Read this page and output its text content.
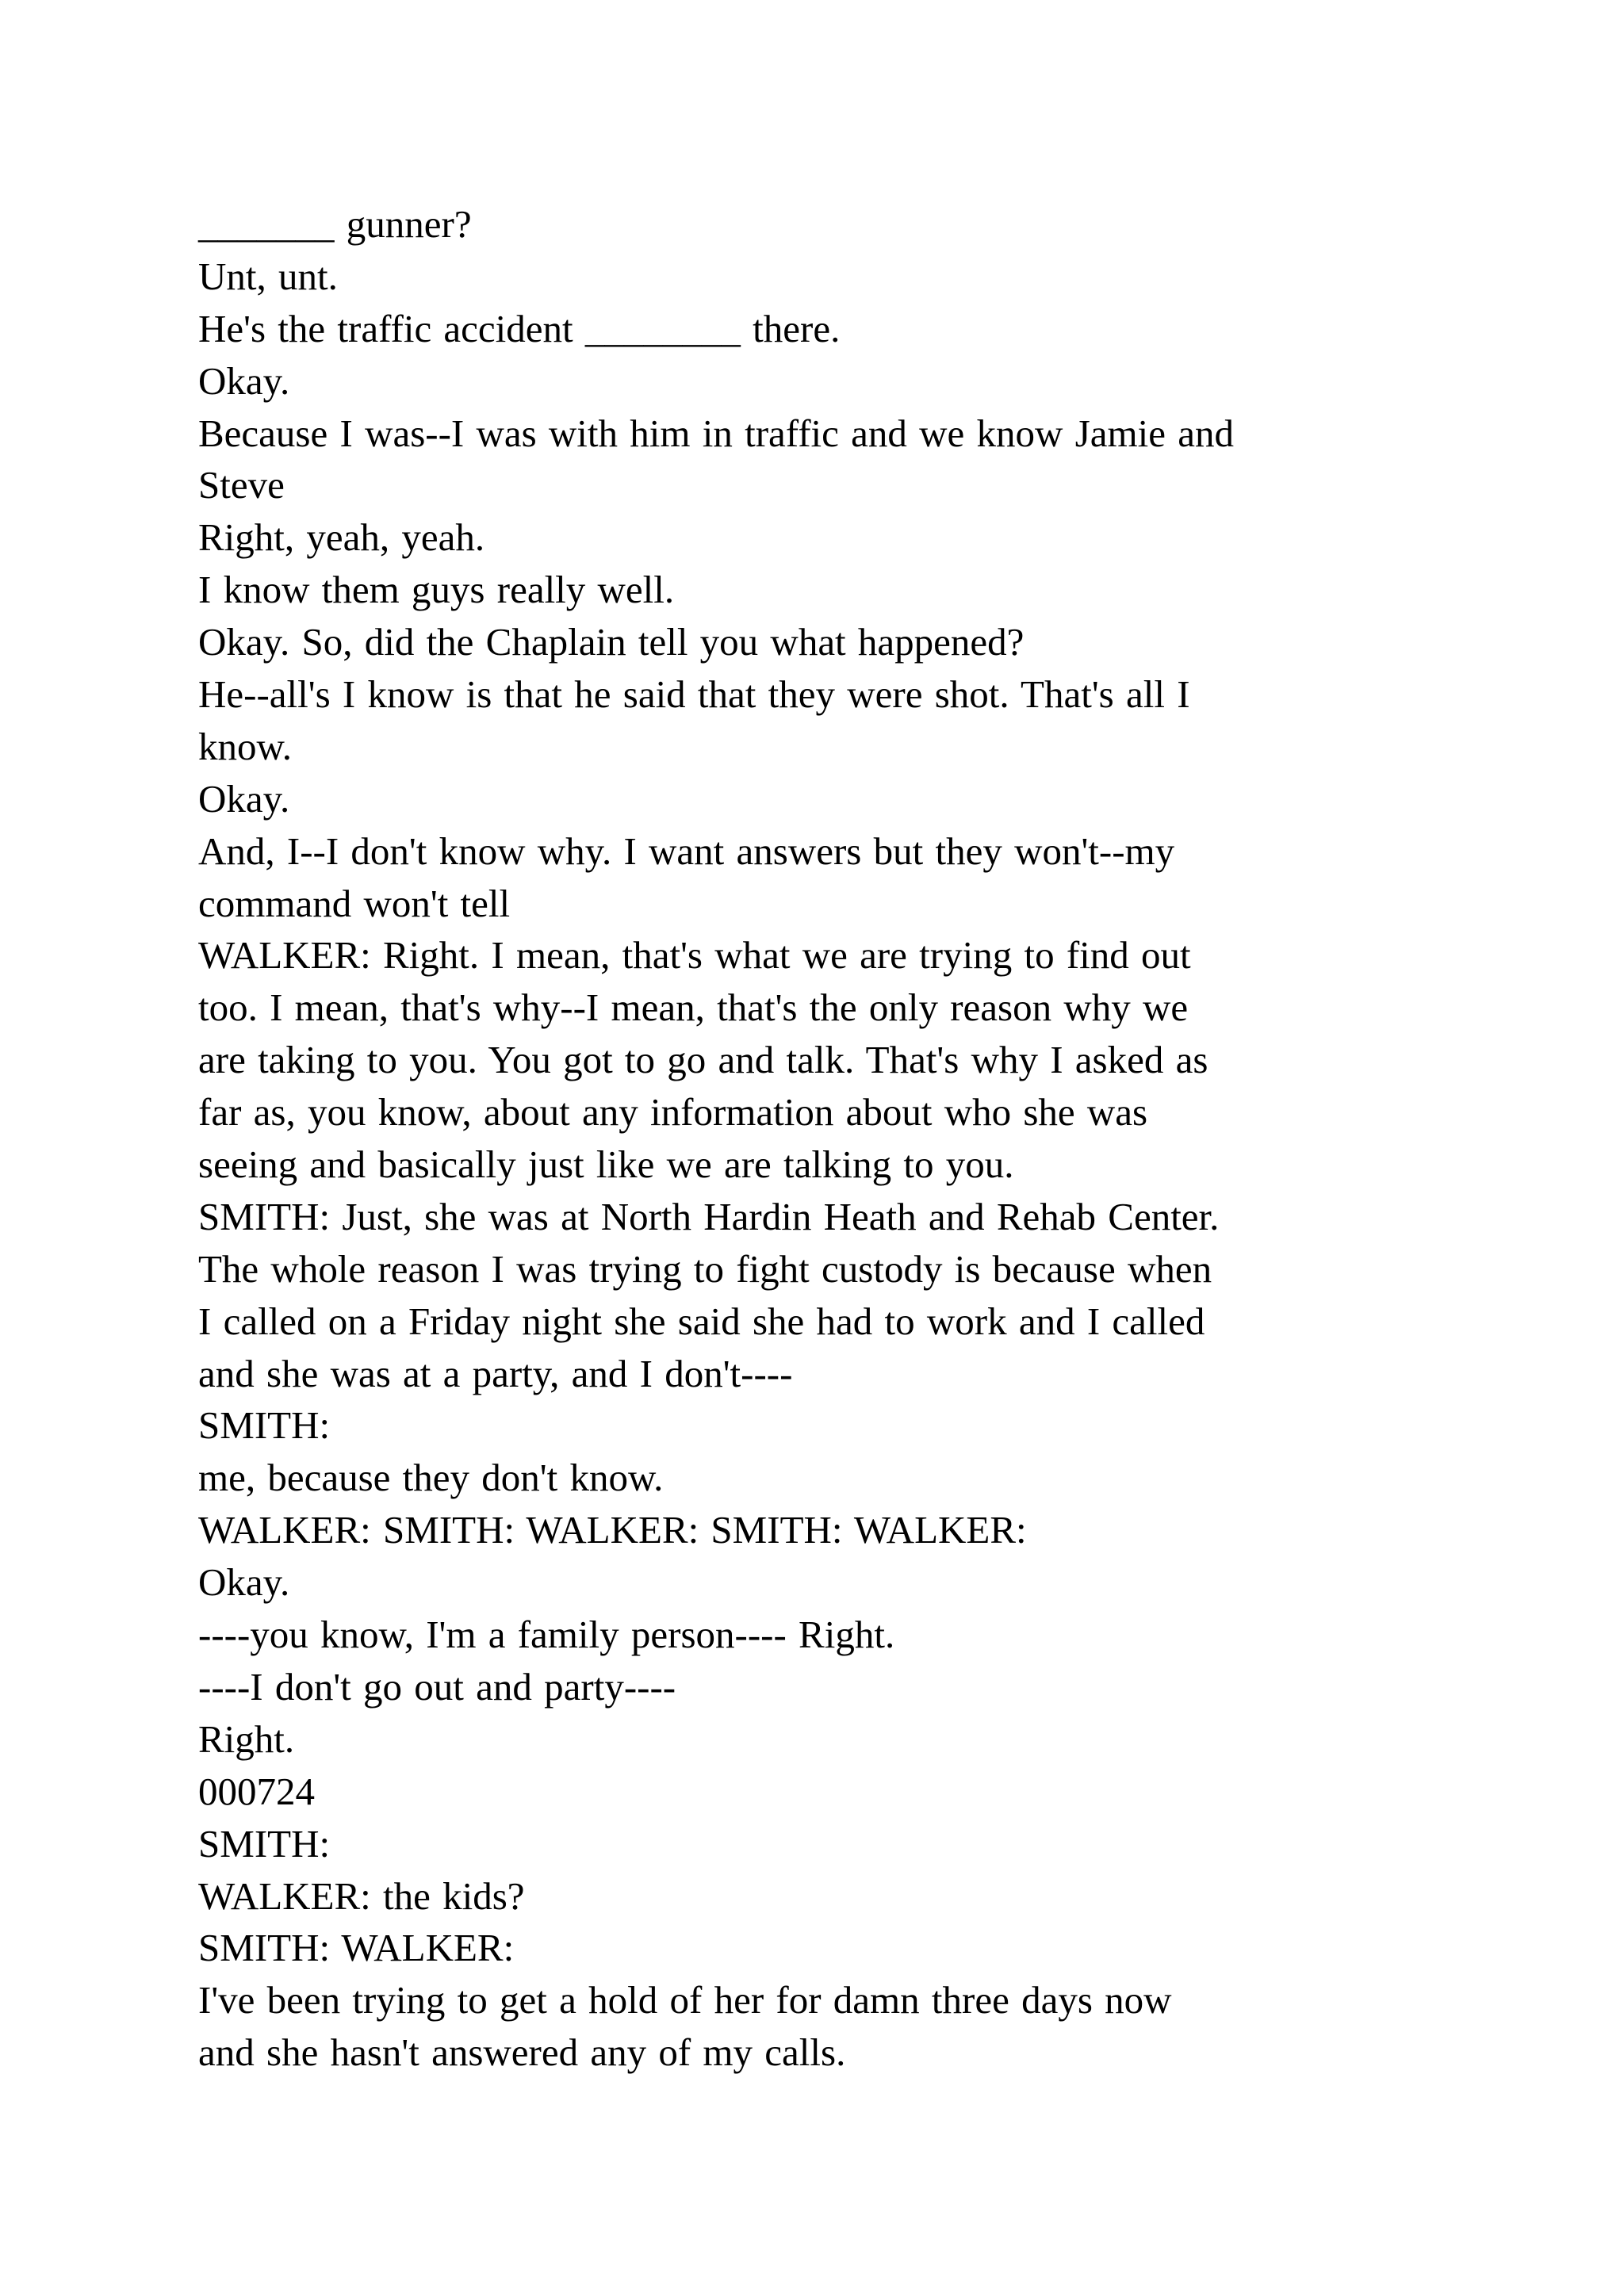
_______ gunner?
Unt, unt.
He's the traffic accident ________ there.
Okay.
Because I was--I was with him in traffic and we know Jamie and
Steve
Right, yeah, yeah.
I know them guys really well.
Okay. So, did the Chaplain tell you what happened?
He--all's I know is that he said that they were shot. That's all I
know.
Okay.
And, I--I don't know why. I want answers but they won't--my
command won't tell
WALKER: Right. I mean, that's what we are trying to find out
too. I mean, that's why--I mean, that's the only reason why we
are taking to you. You got to go and talk. That's why I asked as
far as, you know, about any information about who she was
seeing and basically just like we are talking to you.
SMITH: Just, she was at North Hardin Heath and Rehab Center.
The whole reason I was trying to fight custody is because when
I called on a Friday night she said she had to work and I called
and she was at a party, and I don't----
SMITH:
me, because they don't know.
WALKER: SMITH: WALKER: SMITH: WALKER:
Okay.
----you know, I'm a family person---- Right.
----I don't go out and party----
Right.
000724
SMITH:
WALKER: the kids?
SMITH: WALKER:
I've been trying to get a hold of her for damn three days now
and she hasn't answered any of my calls.
